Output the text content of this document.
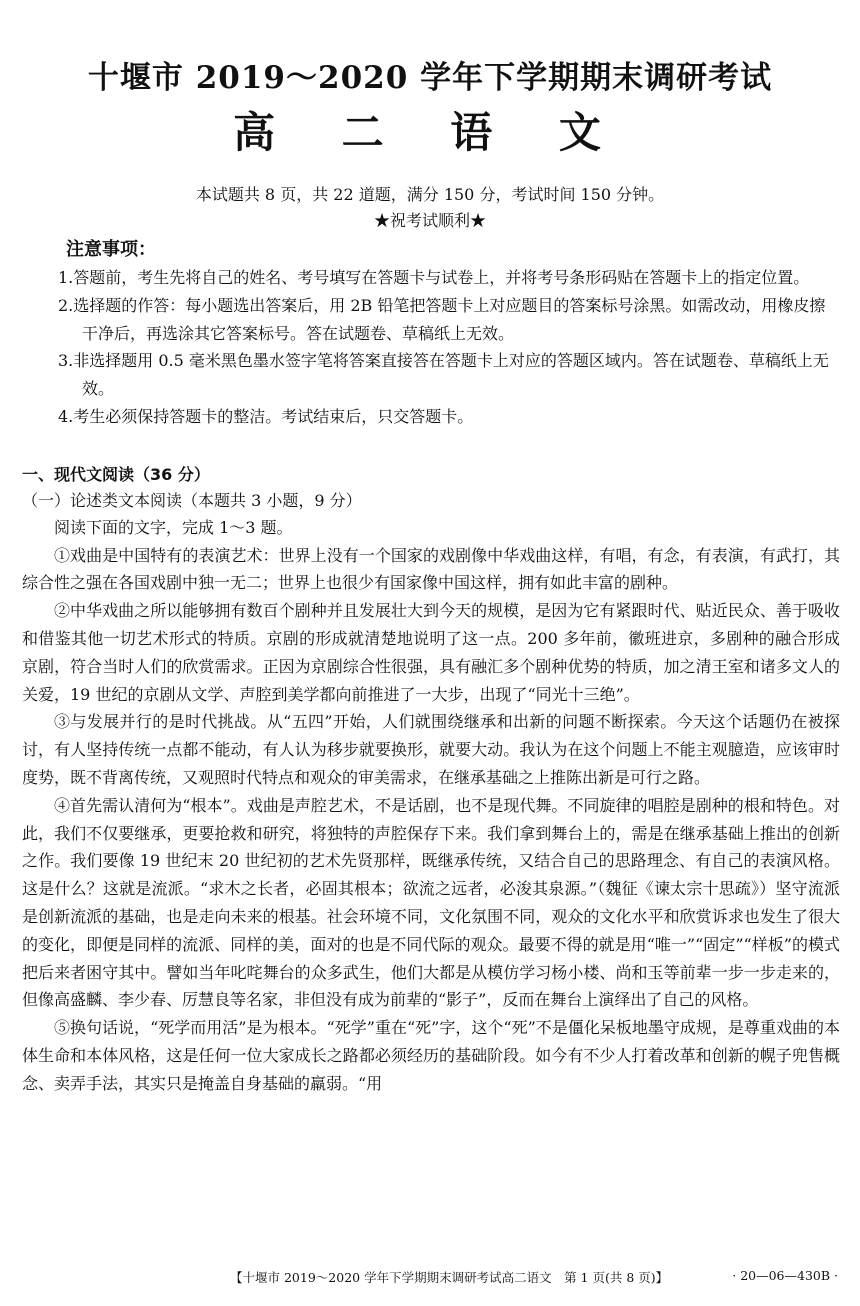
十堰市 2019～2020 学年下学期期末调研考试
高 二 语 文
本试题共 8 页，共 22 道题，满分 150 分，考试时间 150 分钟。
★祝考试顺利★
注意事项：
1.答题前，考生先将自己的姓名、考号填写在答题卡与试卷上，并将考号条形码贴在答题卡上的指定位置。
2.选择题的作答：每小题选出答案后，用 2B 铅笔把答题卡上对应题目的答案标号涂黑。如需改动，用橡皮擦干净后，再选涂其它答案标号。答在试题卷、草稿纸上无效。
3.非选择题用 0.5 毫米黑色墨水签字笔将答案直接答在答题卡上对应的答题区域内。答在试题卷、草稿纸上无效。
4.考生必须保持答题卡的整洁。考试结束后，只交答题卡。
一、现代文阅读（36 分）
（一）论述类文本阅读（本题共 3 小题，9 分）
阅读下面的文字，完成 1～3 题。
①戏曲是中国特有的表演艺术：世界上没有一个国家的戏剧像中华戏曲这样，有唱，有念，有表演，有武打，其综合性之强在各国戏剧中独一无二；世界上也很少有国家像中国这样，拥有如此丰富的剧种。
②中华戏曲之所以能够拥有数百个剧种并且发展壮大到今天的规模，是因为它有紧跟时代、贴近民众、善于吸收和借鉴其他一切艺术形式的特质。京剧的形成就清楚地说明了这一点。200 多年前，徽班进京，多剧种的融合形成京剧，符合当时人们的欣赏需求。正因为京剧综合性很强，具有融汇多个剧种优势的特质，加之清王室和诸多文人的关爱，19 世纪的京剧从文学、声腔到美学都向前推进了一大步，出现了“同光十三绝”。
③与发展并行的是时代挑战。从“五四”开始，人们就围绕继承和出新的问题不断探索。今天这个话题仍在被探讨，有人坚持传统一点都不能动，有人认为移步就要换形，就要大动。我认为在这个问题上不能主观臆造，应该审时度势，既不背离传统，又观照时代特点和观众的审美需求，在继承基础之上推陈出新是可行之路。
④首先需认清何为“根本”。戏曲是声腔艺术，不是话剧，也不是现代舞。不同旋律的唱腔是剧种的根和特色。对此，我们不仅要继承，更要抢救和研究，将独特的声腔保存下来。我们拿到舞台上的，需是在继承基础上推出的创新之作。我们要像 19 世纪末 20 世纪初的艺术先贤那样，既继承传统，又结合自己的思路理念、有自己的表演风格。这是什么？这就是流派。“求木之长者，必固其根本；欲流之远者，必浚其泉源。”（魏征《谏太宗十思疏》）坚守流派是创新流派的基础，也是走向未来的根基。社会环境不同，文化氛围不同，观众的文化水平和欣赏诉求也发生了很大的变化，即便是同样的流派、同样的美，面对的也是不同代际的观众。最要不得的就是用“唯一”“固定”“样板”的模式把后来者困守其中。譬如当年叱咤舞台的众多武生，他们大都是从模仿学习杨小楼、尚和玉等前辈一步一步走来的，但像高盛麟、李少春、厉慧良等名家，非但没有成为前辈的“影子”，反而在舞台上演绎出了自己的风格。
⑤换句话说，“死学而用活”是为根本。“死学”重在“死”字，这个“死”不是僵化呆板地墨守成规，是尊重戏曲的本体生命和本体风格，这是任何一位大家成长之路都必须经历的基础阶段。如今有不少人打着改革和创新的幌子兜售概念、卖弄手法，其实只是掩盖自身基础的羸弱。“用
【十堰市 2019～2020 学年下学期期末调研考试高二语文　第 1 页(共 8 页)】	· 20—06—430B ·
